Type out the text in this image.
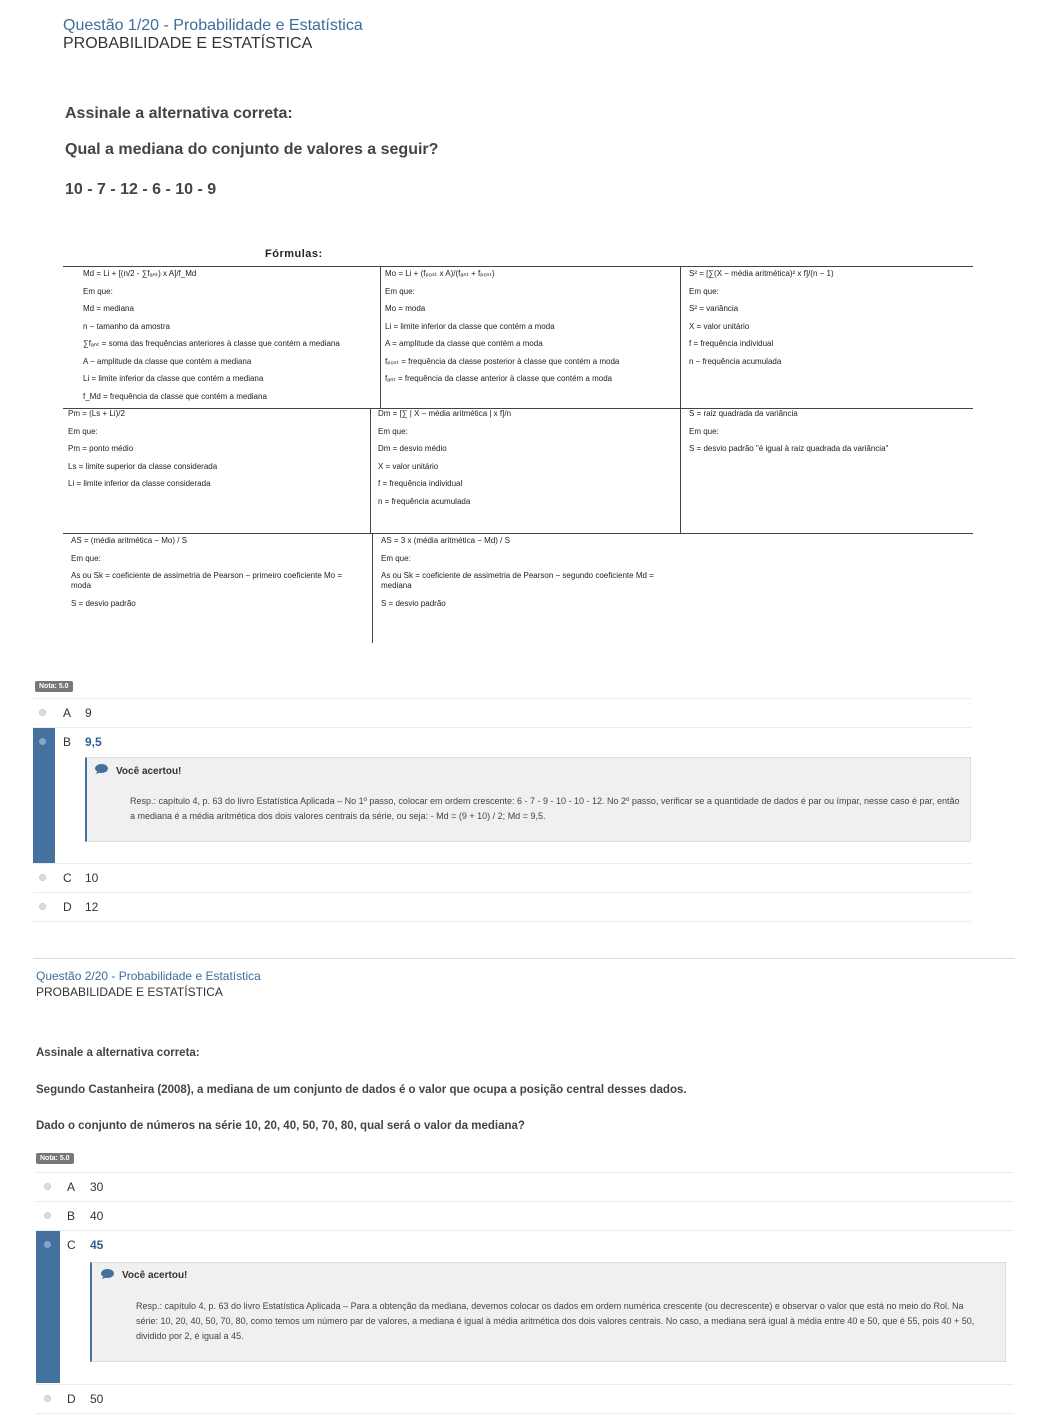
Questão 1/20 - Probabilidade e Estatística
PROBABILIDADE E ESTATÍSTICA
Assinale a alternativa correta:
Qual a mediana do conjunto de valores a seguir?
10 - 7 - 12 - 6 - 10 - 9
Fórmulas:
Md = Li + [(n/2 - ∑fₐₙₜ) x A]/f_Md
Em que:
Md = mediana
n − tamanho da amostra
∑fₐₙₜ = soma das frequências anteriores à classe que contém a mediana
A − amplitude da classe que contém a mediana
Li = limite inferior da classe que contém a mediana
f_Md = frequência da classe que contém a mediana
Mo = Li + (fₚₒₛₜ x A)/(fₐₙₜ + fₚₒₛₜ)
Em que:
Mo = moda
Li = limite inferior da classe que contém a moda
A = amplitude da classe que contém a moda
fₚₒₛₜ = frequência da classe posterior à classe que contém a moda
fₐₙₜ = frequência da classe anterior à classe que contém a moda
S² = [∑(X − média aritmética)² x f]/(n − 1)
Em que:
S² = variância
X = valor unitário
f = frequência individual
n − frequência acumulada
Pm = (Ls + Li)/2
Em que:
Pm = ponto médio
Ls = limite superior da classe considerada
Li = limite inferior da classe considerada
Dm = [∑ | X − média aritmética | x f]/n
Em que:
Dm = desvio médio
X = valor unitário
f = frequência individual
n = frequência acumulada
S = raiz quadrada da variância
Em que:
S = desvio padrão "é igual à raiz quadrada da variância"
AS = (média aritmética − Mo) / S
Em que:
As ou Sk = coeficiente de assimetria de Pearson − primeiro coeficiente Mo = moda
S = desvio padrão
AS = 3 x (média aritmética − Md) / S
Em que:
As ou Sk = coeficiente de assimetria de Pearson − segundo coeficiente Md = mediana
S = desvio padrão
Nota: 5.0
A 9
B 9,5
Você acertou!
Resp.: capítulo 4, p. 63 do livro Estatística Aplicada – No 1º passo, colocar em ordem crescente: 6 - 7 - 9 - 10 - 10 - 12. No 2º passo, verificar se a quantidade de dados é par ou ímpar, nesse caso é par, então a mediana é a média aritmética dos dois valores centrais da série, ou seja: - Md = (9 + 10) / 2; Md = 9,5.
C 10
D 12
Questão 2/20 - Probabilidade e Estatística
PROBABILIDADE E ESTATÍSTICA
Assinale a alternativa correta:
Segundo Castanheira (2008), a mediana de um conjunto de dados é o valor que ocupa a posição central desses dados.
Dado o conjunto de números na série 10, 20, 40, 50, 70, 80, qual será o valor da mediana?
Nota: 5.0
A 30
B 40
C 45
Você acertou!
Resp.: capítulo 4, p. 63 do livro Estatística Aplicada – Para a obtenção da mediana, devemos colocar os dados em ordem numérica crescente (ou decrescente) e observar o valor que está no meio do Rol. Na série: 10, 20, 40, 50, 70, 80, como temos um número par de valores, a mediana é igual à média aritmética dos dois valores centrais. No caso, a mediana será igual à média entre 40 e 50, que é 55, pois 40 + 50, dividido por 2, é igual a 45.
D 50
